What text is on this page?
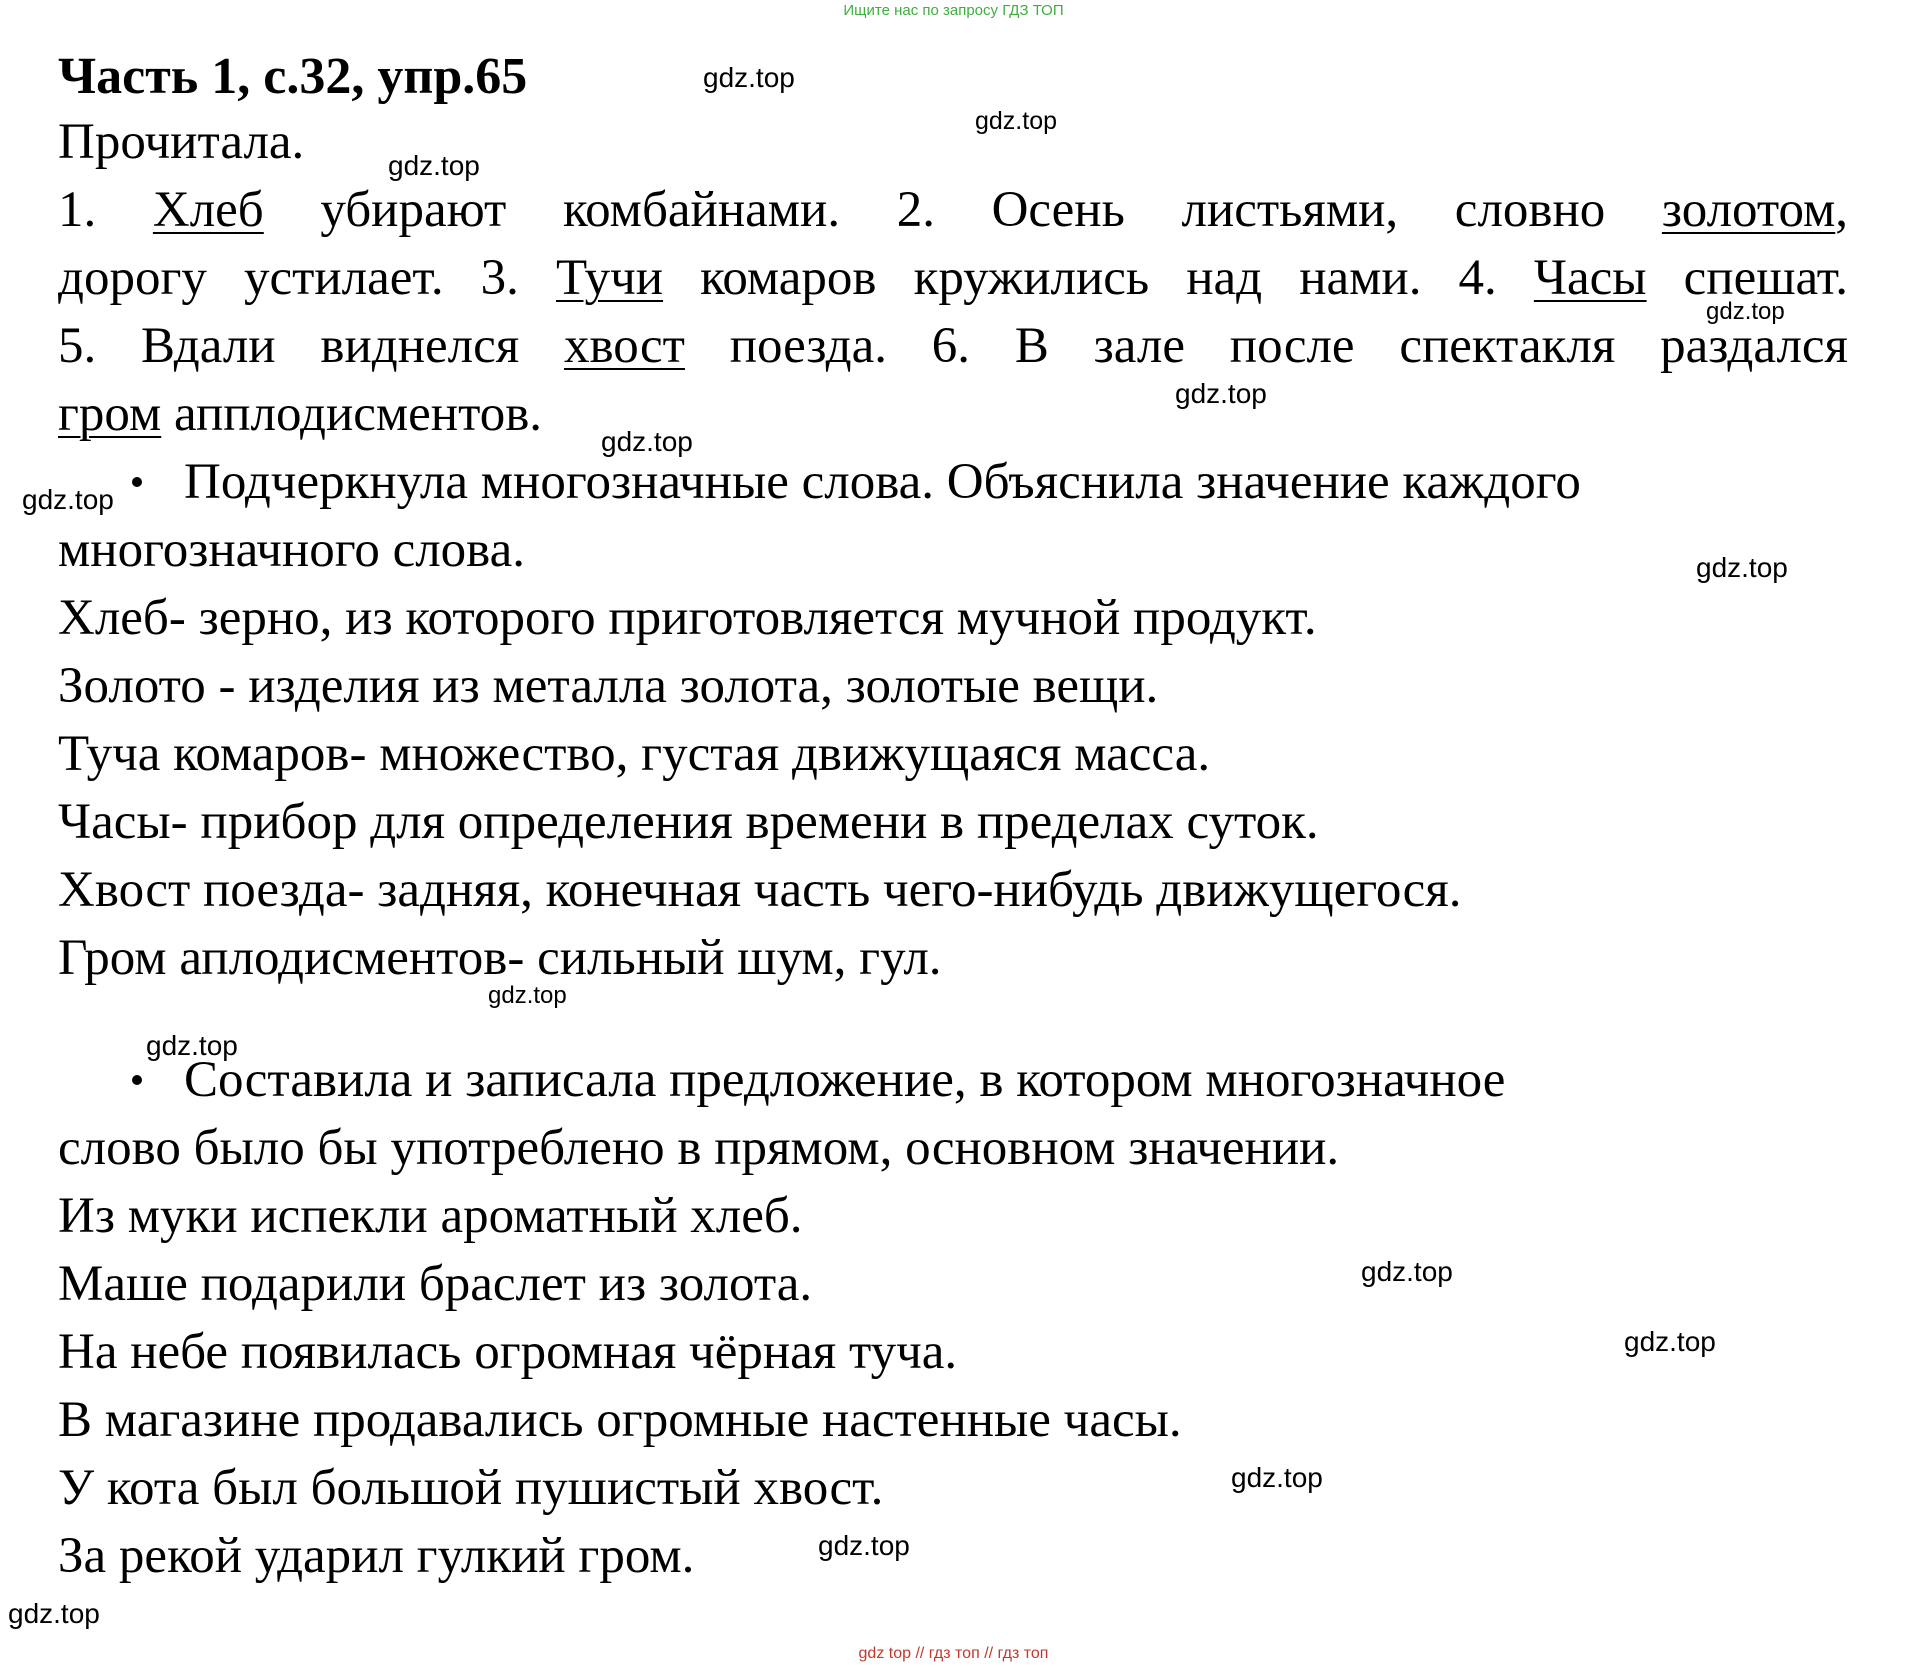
Ищите нас по запросу ГДЗ ТОП
Часть 1, с.32, упр.65
Прочитала.
1. Хлеб убирают комбайнами. 2. Осень листьями, словно золотом,
дорогу устилает. 3. Тучи комаров кружились над нами. 4. Часы спешат.
5. Вдали виднелся хвост поезда. 6. В зале после спектакля раздался
гром апплодисментов.
Подчеркнула многозначные слова. Объяснила значение каждого
многозначного слова.
Хлеб- зерно, из которого приготовляется мучной продукт.
Золото - изделия из металла золота, золотые вещи.
Туча комаров- множество, густая движущаяся масса.
Часы- прибор для определения времени в пределах суток.
Хвост поезда- задняя, конечная часть чего-нибудь движущегося.
Гром аплодисментов- сильный шум, гул.
Составила и записала предложение, в котором многозначное
слово было бы употреблено в прямом, основном значении.
Из муки испекли ароматный хлеб.
Маше подарили браслет из золота.
На небе появилась огромная чёрная туча.
В магазине продавались огромные настенные часы.
У кота был большой пушистый хвост.
За рекой ударил гулкий гром.
gdz.top
gdz.top
gdz.top
gdz.top
gdz.top
gdz.top
gdz.top
gdz.top
gdz.top
gdz.top
gdz.top
gdz.top
gdz.top
gdz.top
gdz.top
gdz top // гдз топ // гдз топ
